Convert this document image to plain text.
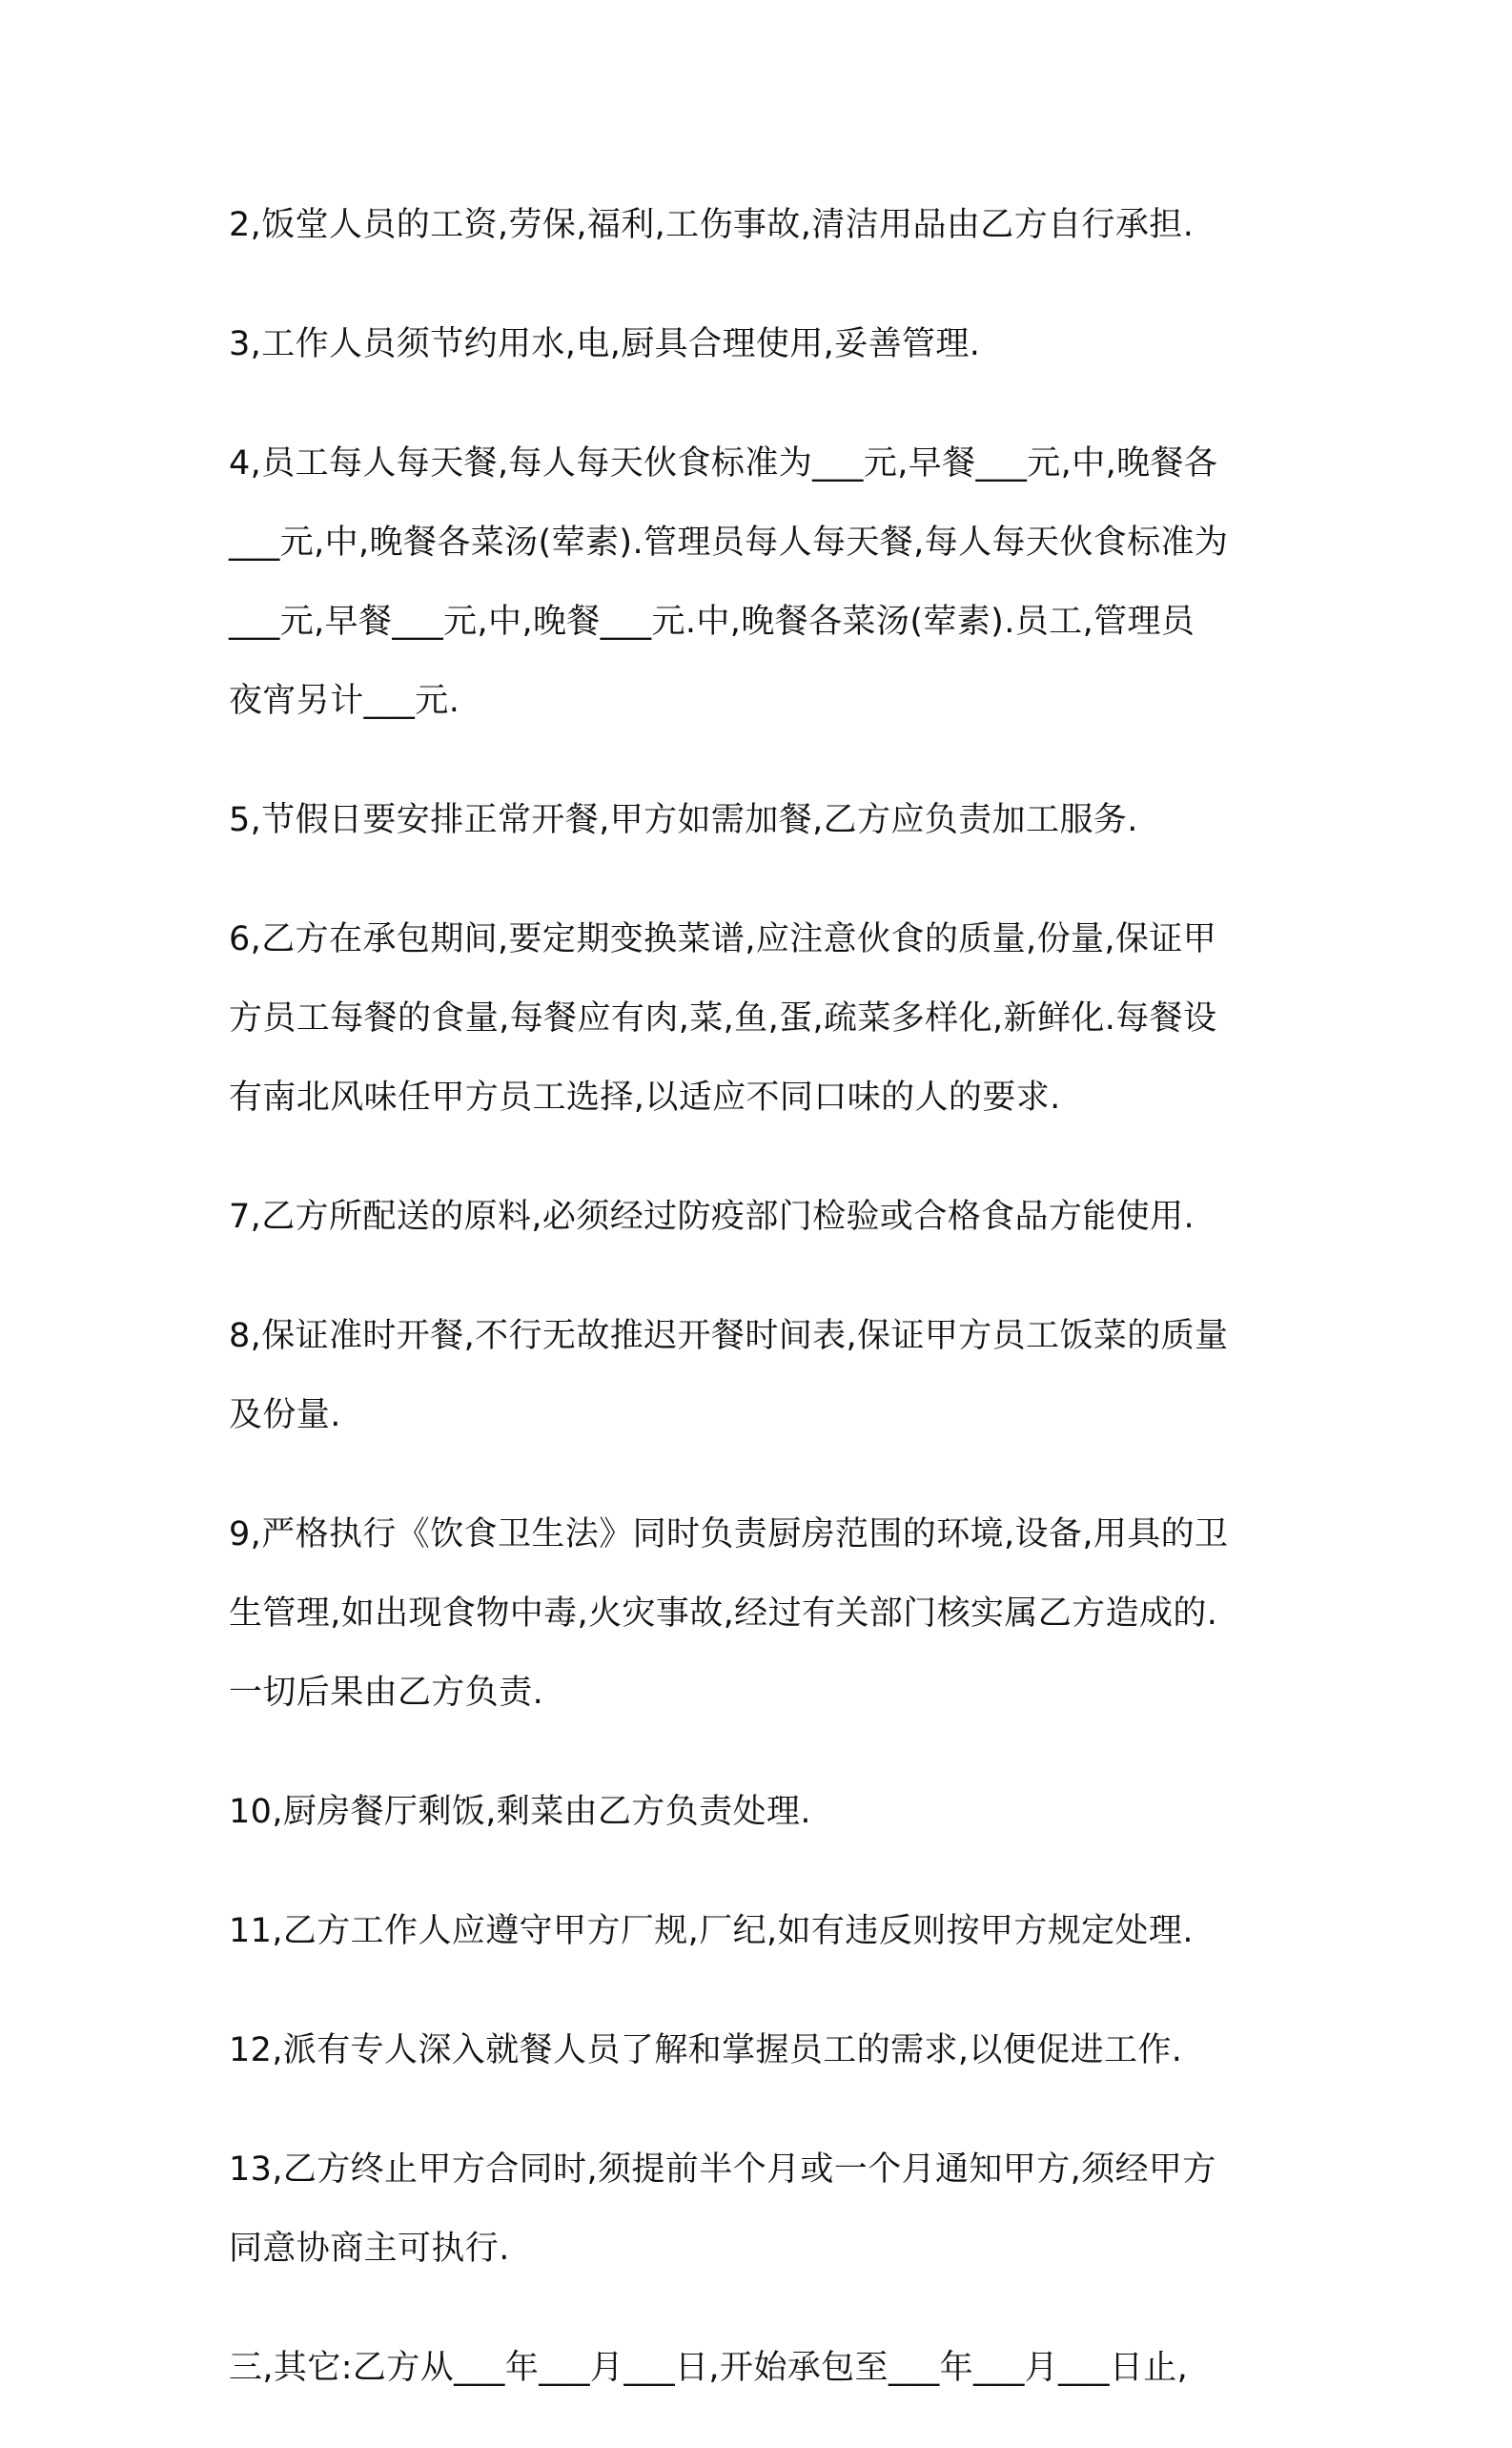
2,饭堂人员的工资,劳保,福利,工伤事故,清洁用品由乙方自行承担.
3,工作人员须节约用水,电,厨具合理使用,妥善管理.
4,员工每人每天餐,每人每天伙食标准为___元,早餐___元,中,晚餐各
___元,中,晚餐各菜汤(荤素).管理员每人每天餐,每人每天伙食标准为
___元,早餐___元,中,晚餐___元.中,晚餐各菜汤(荤素).员工,管理员
夜宵另计___元.
5,节假日要安排正常开餐,甲方如需加餐,乙方应负责加工服务.
6,乙方在承包期间,要定期变换菜谱,应注意伙食的质量,份量,保证甲
方员工每餐的食量,每餐应有肉,菜,鱼,蛋,疏菜多样化,新鲜化.每餐设
有南北风味任甲方员工选择,以适应不同口味的人的要求.
7,乙方所配送的原料,必须经过防疫部门检验或合格食品方能使用.
8,保证准时开餐,不行无故推迟开餐时间表,保证甲方员工饭菜的质量
及份量.
9,严格执行《饮食卫生法》同时负责厨房范围的环境,设备,用具的卫
生管理,如出现食物中毒,火灾事故,经过有关部门核实属乙方造成的.
一切后果由乙方负责.
10,厨房餐厅剩饭,剩菜由乙方负责处理.
11,乙方工作人应遵守甲方厂规,厂纪,如有违反则按甲方规定处理.
12,派有专人深入就餐人员了解和掌握员工的需求,以便促进工作.
13,乙方终止甲方合同时,须提前半个月或一个月通知甲方,须经甲方
同意协商主可执行.
三,其它:乙方从___年___月___日,开始承包至___年___月___日止,
